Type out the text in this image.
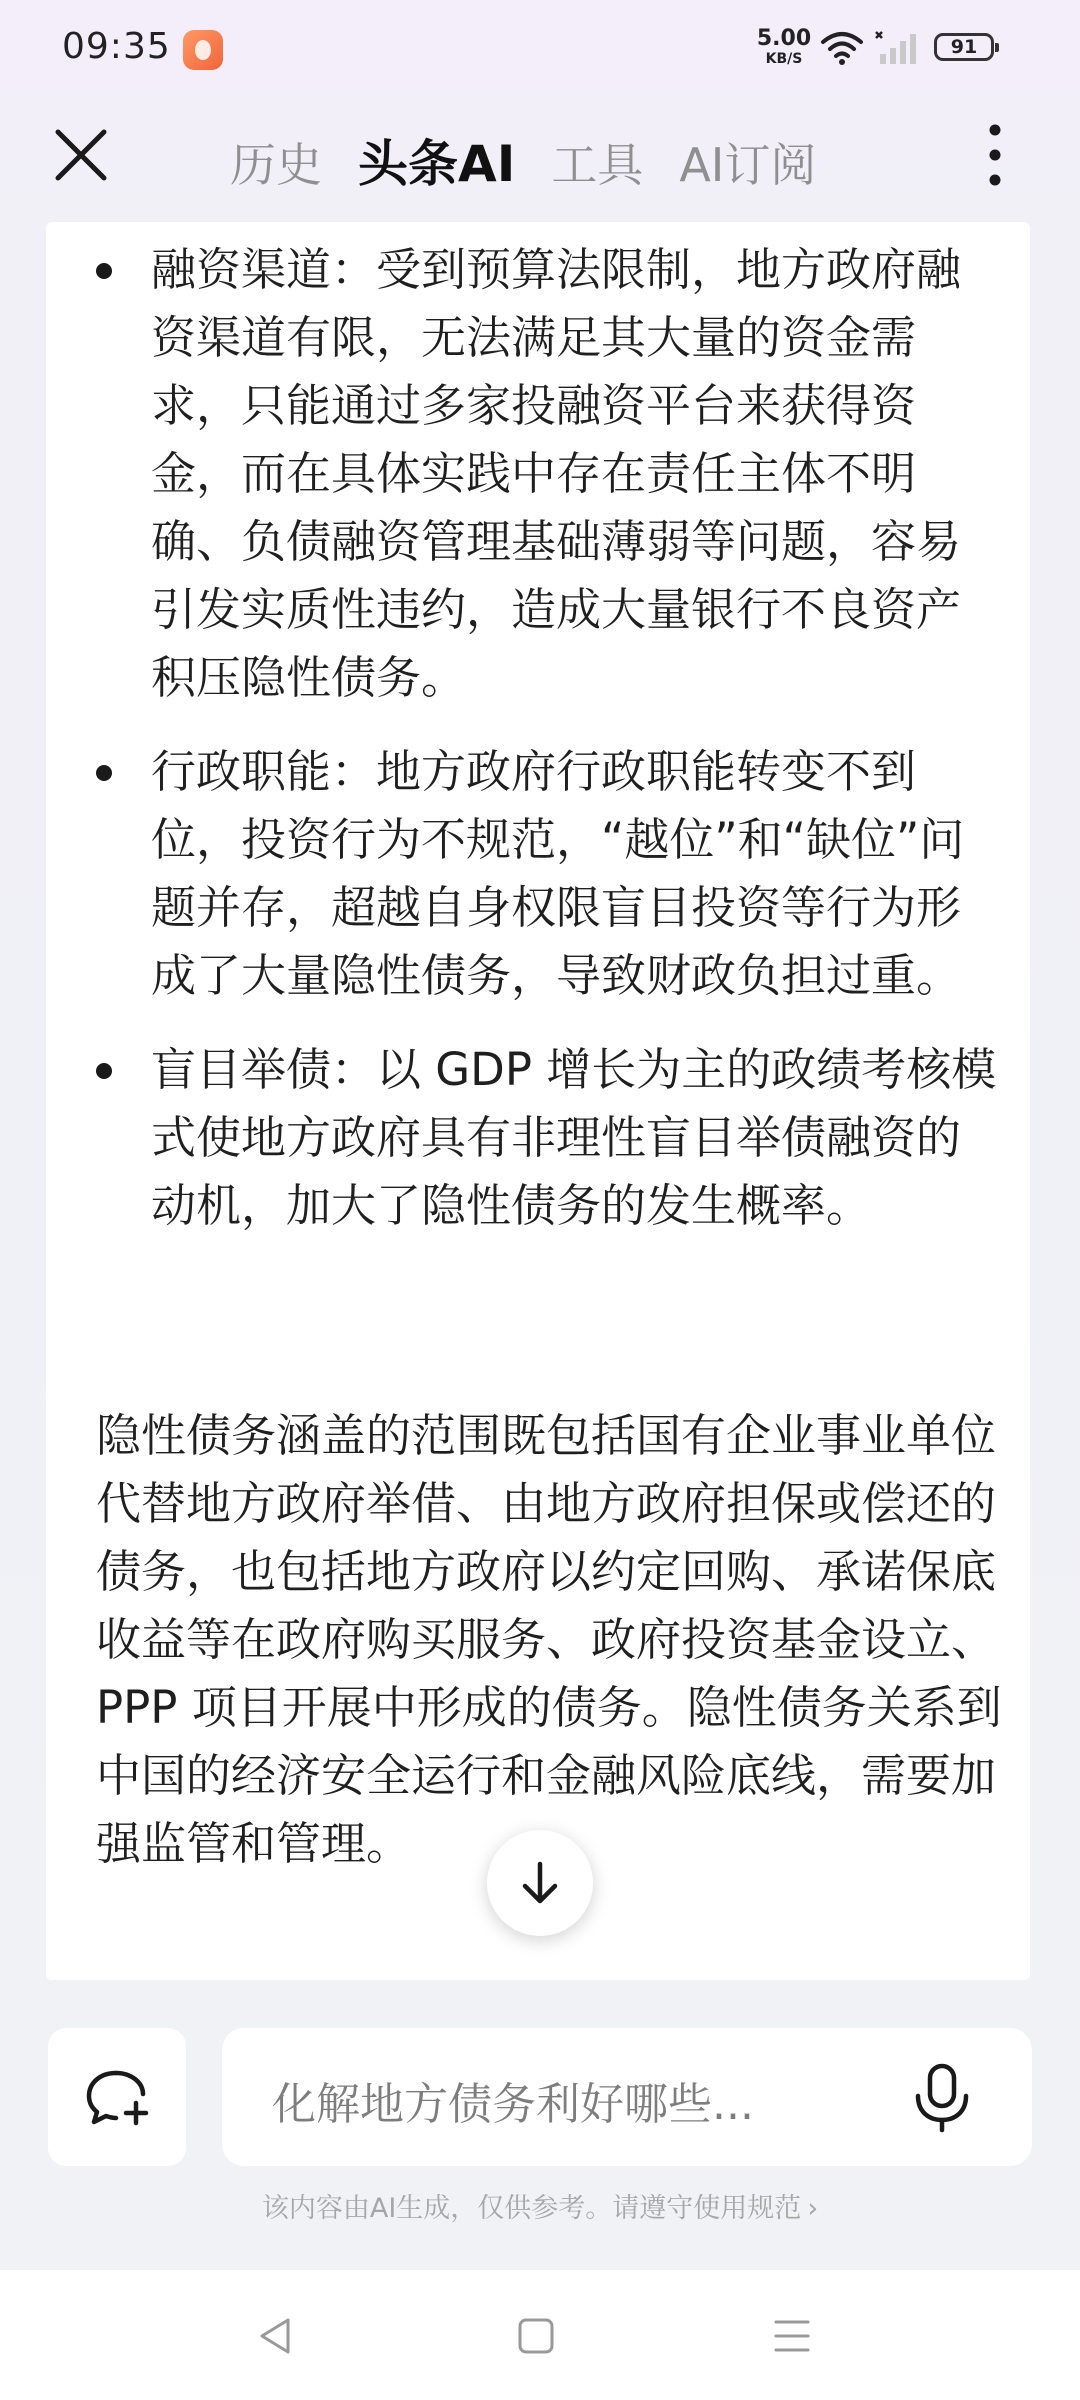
09:35	5.00
KB/S
91
历史 头条AI 工具 AI订阅
融资渠道：受到预算法限制，地方政府融资渠道有限，无法满足其大量的资金需求，只能通过多家投融资平台来获得资金，而在具体实践中存在责任主体不明确、负债融资管理基础薄弱等问题，容易引发实质性违约，造成大量银行不良资产积压隐性债务。
行政职能：地方政府行政职能转变不到位，投资行为不规范，“越位”和“缺位”问题并存，超越自身权限盲目投资等行为形成了大量隐性债务，导致财政负担过重。
盲目举债：以 GDP 增长为主的政绩考核模式使地方政府具有非理性盲目举债融资的动机，加大了隐性债务的发生概率。

隐性债务涵盖的范围既包括国有企业事业单位代替地方政府举借、由地方政府担保或偿还的债务，也包括地方政府以约定回购、承诺保底收益等在政府购买服务、政府投资基金设立、PPP 项目开展中形成的债务。隐性债务关系到中国的经济安全运行和金融风险底线，需要加强监管和管理。

化解地方债务利好哪些...
该内容由AI生成，仅供参考。请遵守使用规范 ›
